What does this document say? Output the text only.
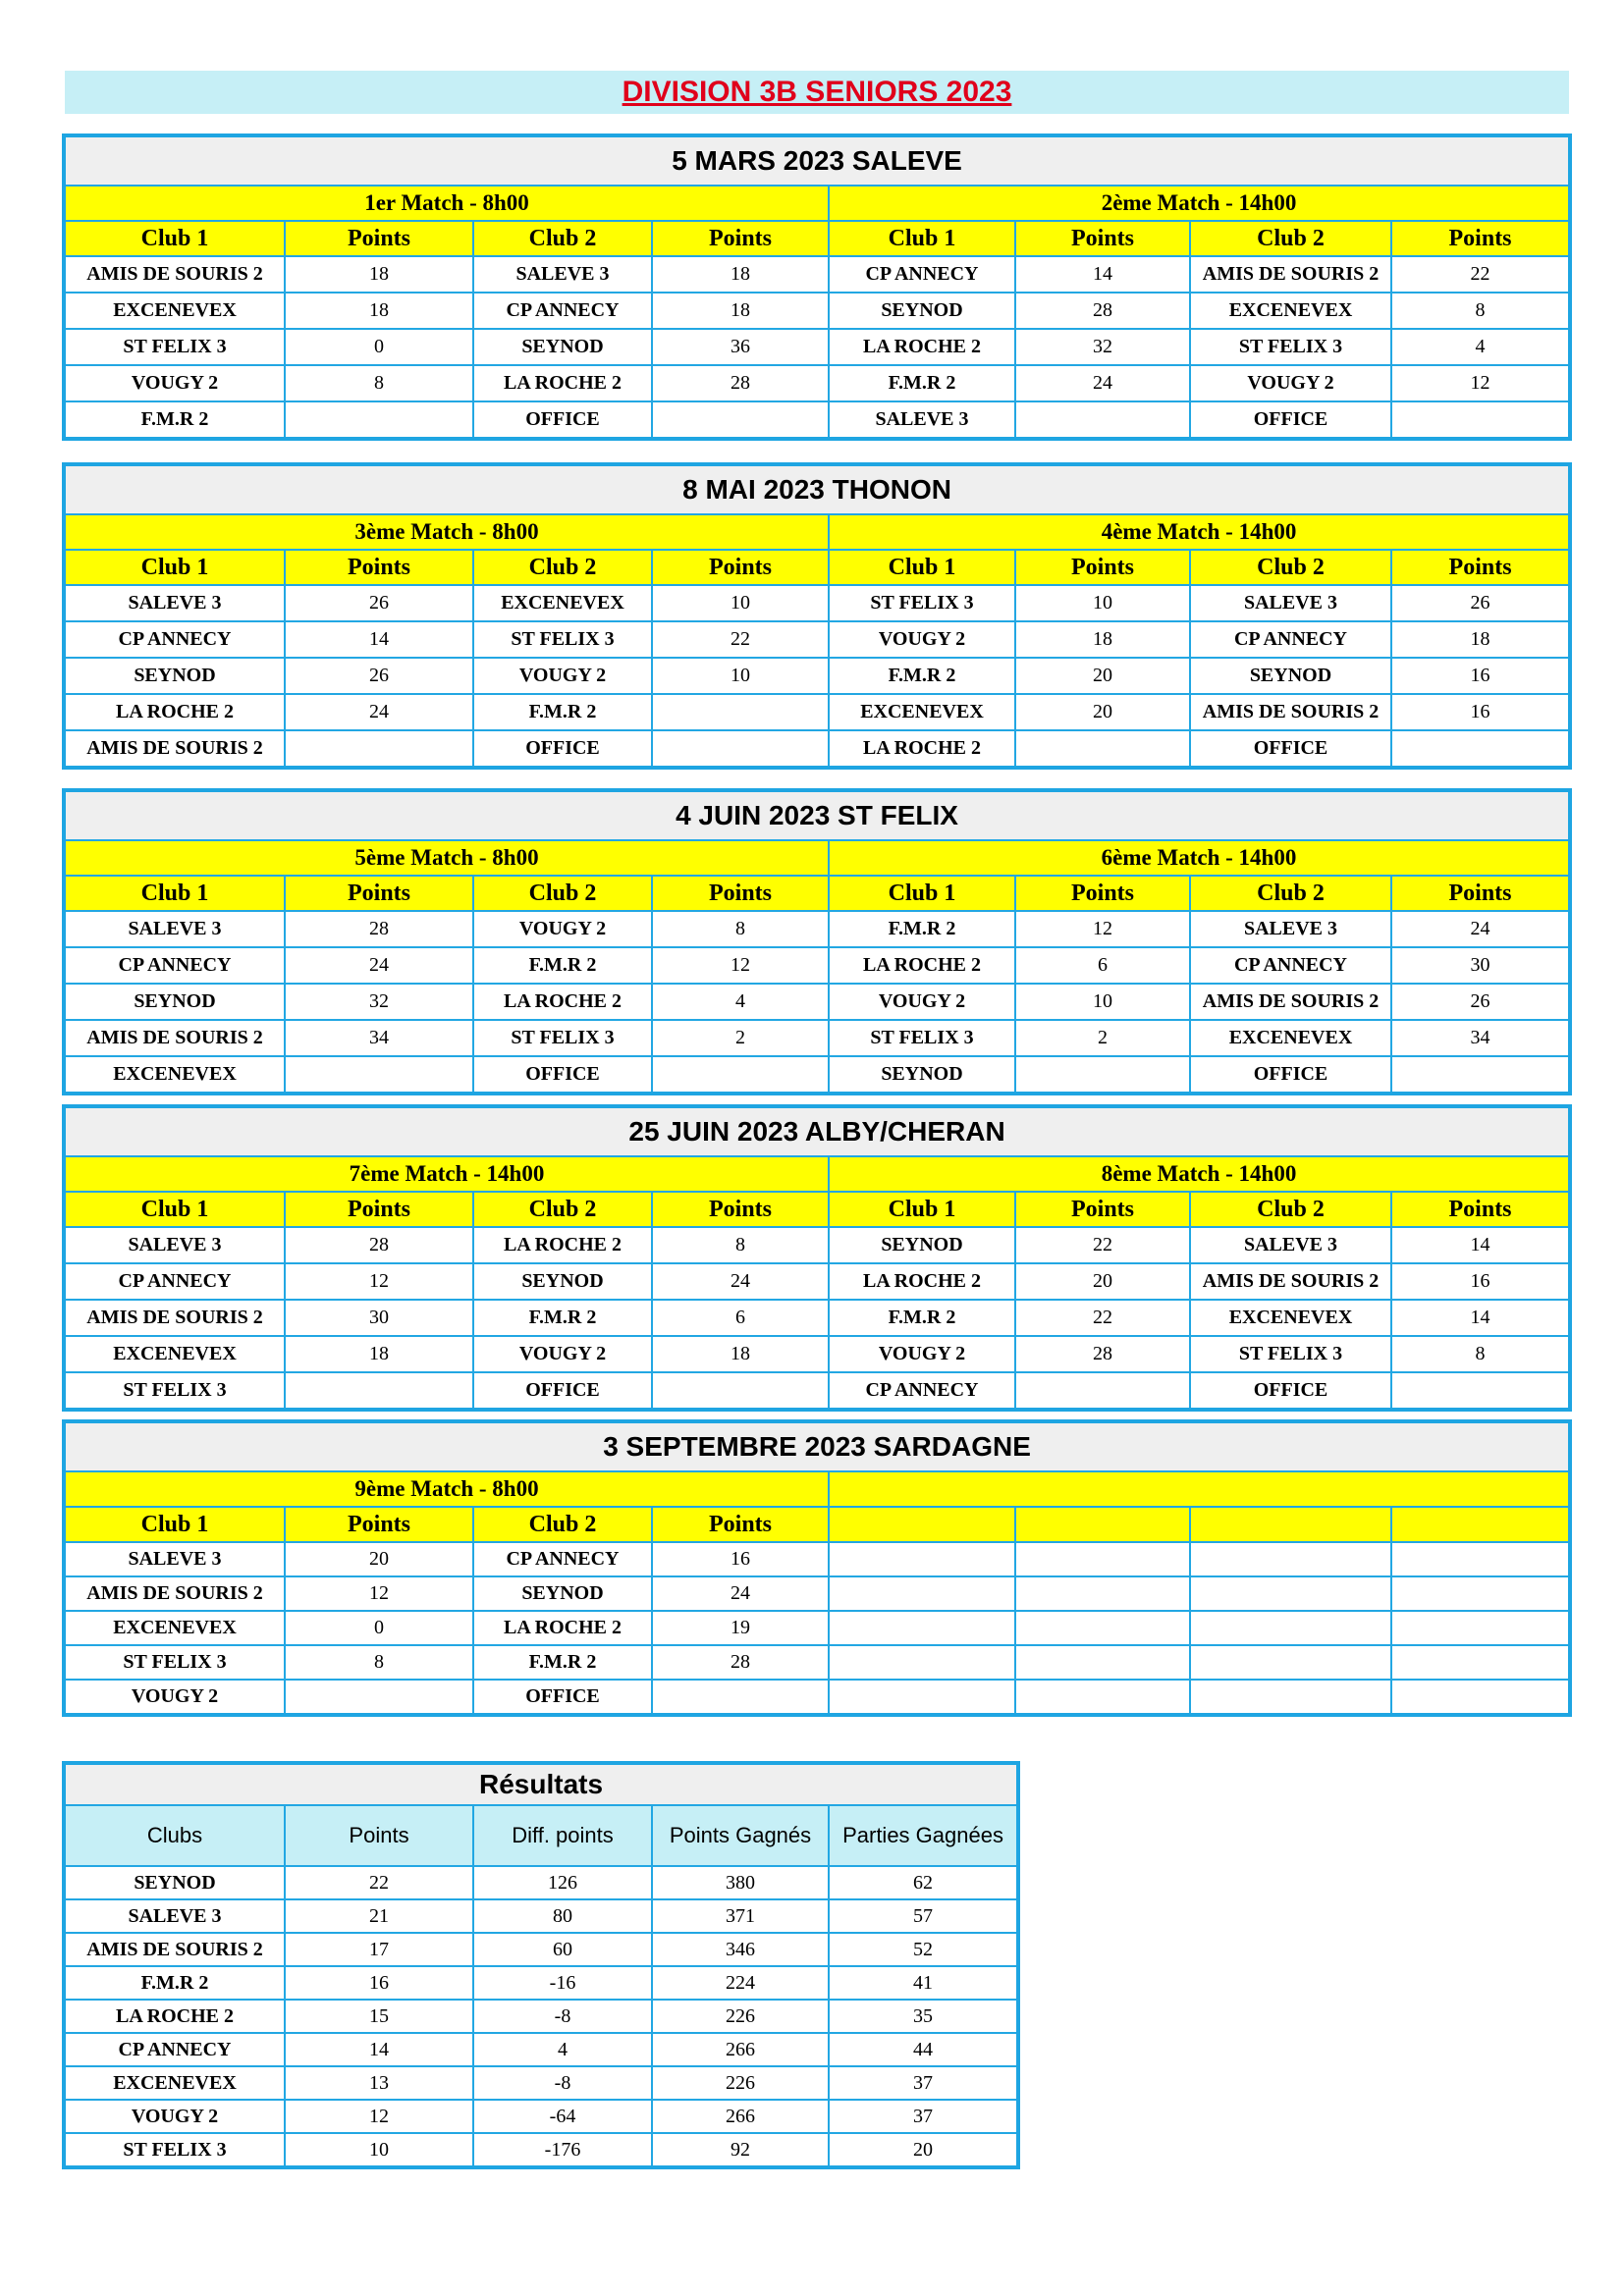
DIVISION 3B SENIORS 2023
5 MARS 2023 SALEVE							
1er Match - 8h00				2ème Match - 14h00			
Club 1	Points	Club 2	Points	Club 1	Points	Club 2	Points
AMIS DE SOURIS 2	18	SALEVE 3	18	CP ANNECY	14	AMIS DE SOURIS 2	22
EXCENEVEX	18	CP ANNECY	18	SEYNOD	28	EXCENEVEX	8
ST FELIX 3	0	SEYNOD	36	LA ROCHE 2	32	ST FELIX 3	4
VOUGY 2	8	LA ROCHE 2	28	F.M.R 2	24	VOUGY 2	12
F.M.R 2		OFFICE		SALEVE 3		OFFICE	
8 MAI 2023 THONON							
3ème Match - 8h00				4ème Match - 14h00			
Club 1	Points	Club 2	Points	Club 1	Points	Club 2	Points
SALEVE 3	26	EXCENEVEX	10	ST FELIX 3	10	SALEVE 3	26
CP ANNECY	14	ST FELIX 3	22	VOUGY 2	18	CP ANNECY	18
SEYNOD	26	VOUGY 2	10	F.M.R 2	20	SEYNOD	16
LA ROCHE 2	24	F.M.R 2		EXCENEVEX	20	AMIS DE SOURIS 2	16
AMIS DE SOURIS 2		OFFICE		LA ROCHE 2		OFFICE	
4 JUIN 2023 ST FELIX							
5ème Match - 8h00				6ème Match - 14h00			
Club 1	Points	Club 2	Points	Club 1	Points	Club 2	Points
SALEVE 3	28	VOUGY 2	8	F.M.R 2	12	SALEVE 3	24
CP ANNECY	24	F.M.R 2	12	LA ROCHE 2	6	CP ANNECY	30
SEYNOD	32	LA ROCHE 2	4	VOUGY 2	10	AMIS DE SOURIS 2	26
AMIS DE SOURIS 2	34	ST FELIX 3	2	ST FELIX 3	2	EXCENEVEX	34
EXCENEVEX		OFFICE		SEYNOD		OFFICE	
25 JUIN 2023 ALBY/CHERAN							
7ème Match - 14h00				8ème Match - 14h00			
Club 1	Points	Club 2	Points	Club 1	Points	Club 2	Points
SALEVE 3	28	LA ROCHE 2	8	SEYNOD	22	SALEVE 3	14
CP ANNECY	12	SEYNOD	24	LA ROCHE 2	20	AMIS DE SOURIS 2	16
AMIS DE SOURIS 2	30	F.M.R 2	6	F.M.R 2	22	EXCENEVEX	14
EXCENEVEX	18	VOUGY 2	18	VOUGY 2	28	ST FELIX 3	8
ST FELIX 3		OFFICE		CP ANNECY		OFFICE	
3 SEPTEMBRE 2023 SARDAGNE							
9ème Match - 8h00							
Club 1	Points	Club 2	Points				
SALEVE 3	20	CP ANNECY	16				
AMIS DE SOURIS 2	12	SEYNOD	24				
EXCENEVEX	0	LA ROCHE 2	19				
ST FELIX 3	8	F.M.R 2	28				
VOUGY 2		OFFICE					
Résultats				
Clubs	Points	Diff. points	Points Gagnés	Parties Gagnées
SEYNOD	22	126	380	62
SALEVE 3	21	80	371	57
AMIS DE SOURIS 2	17	60	346	52
F.M.R 2	16	-16	224	41
LA ROCHE 2	15	-8	226	35
CP ANNECY	14	4	266	44
EXCENEVEX	13	-8	226	37
VOUGY 2	12	-64	266	37
ST FELIX 3	10	-176	92	20
